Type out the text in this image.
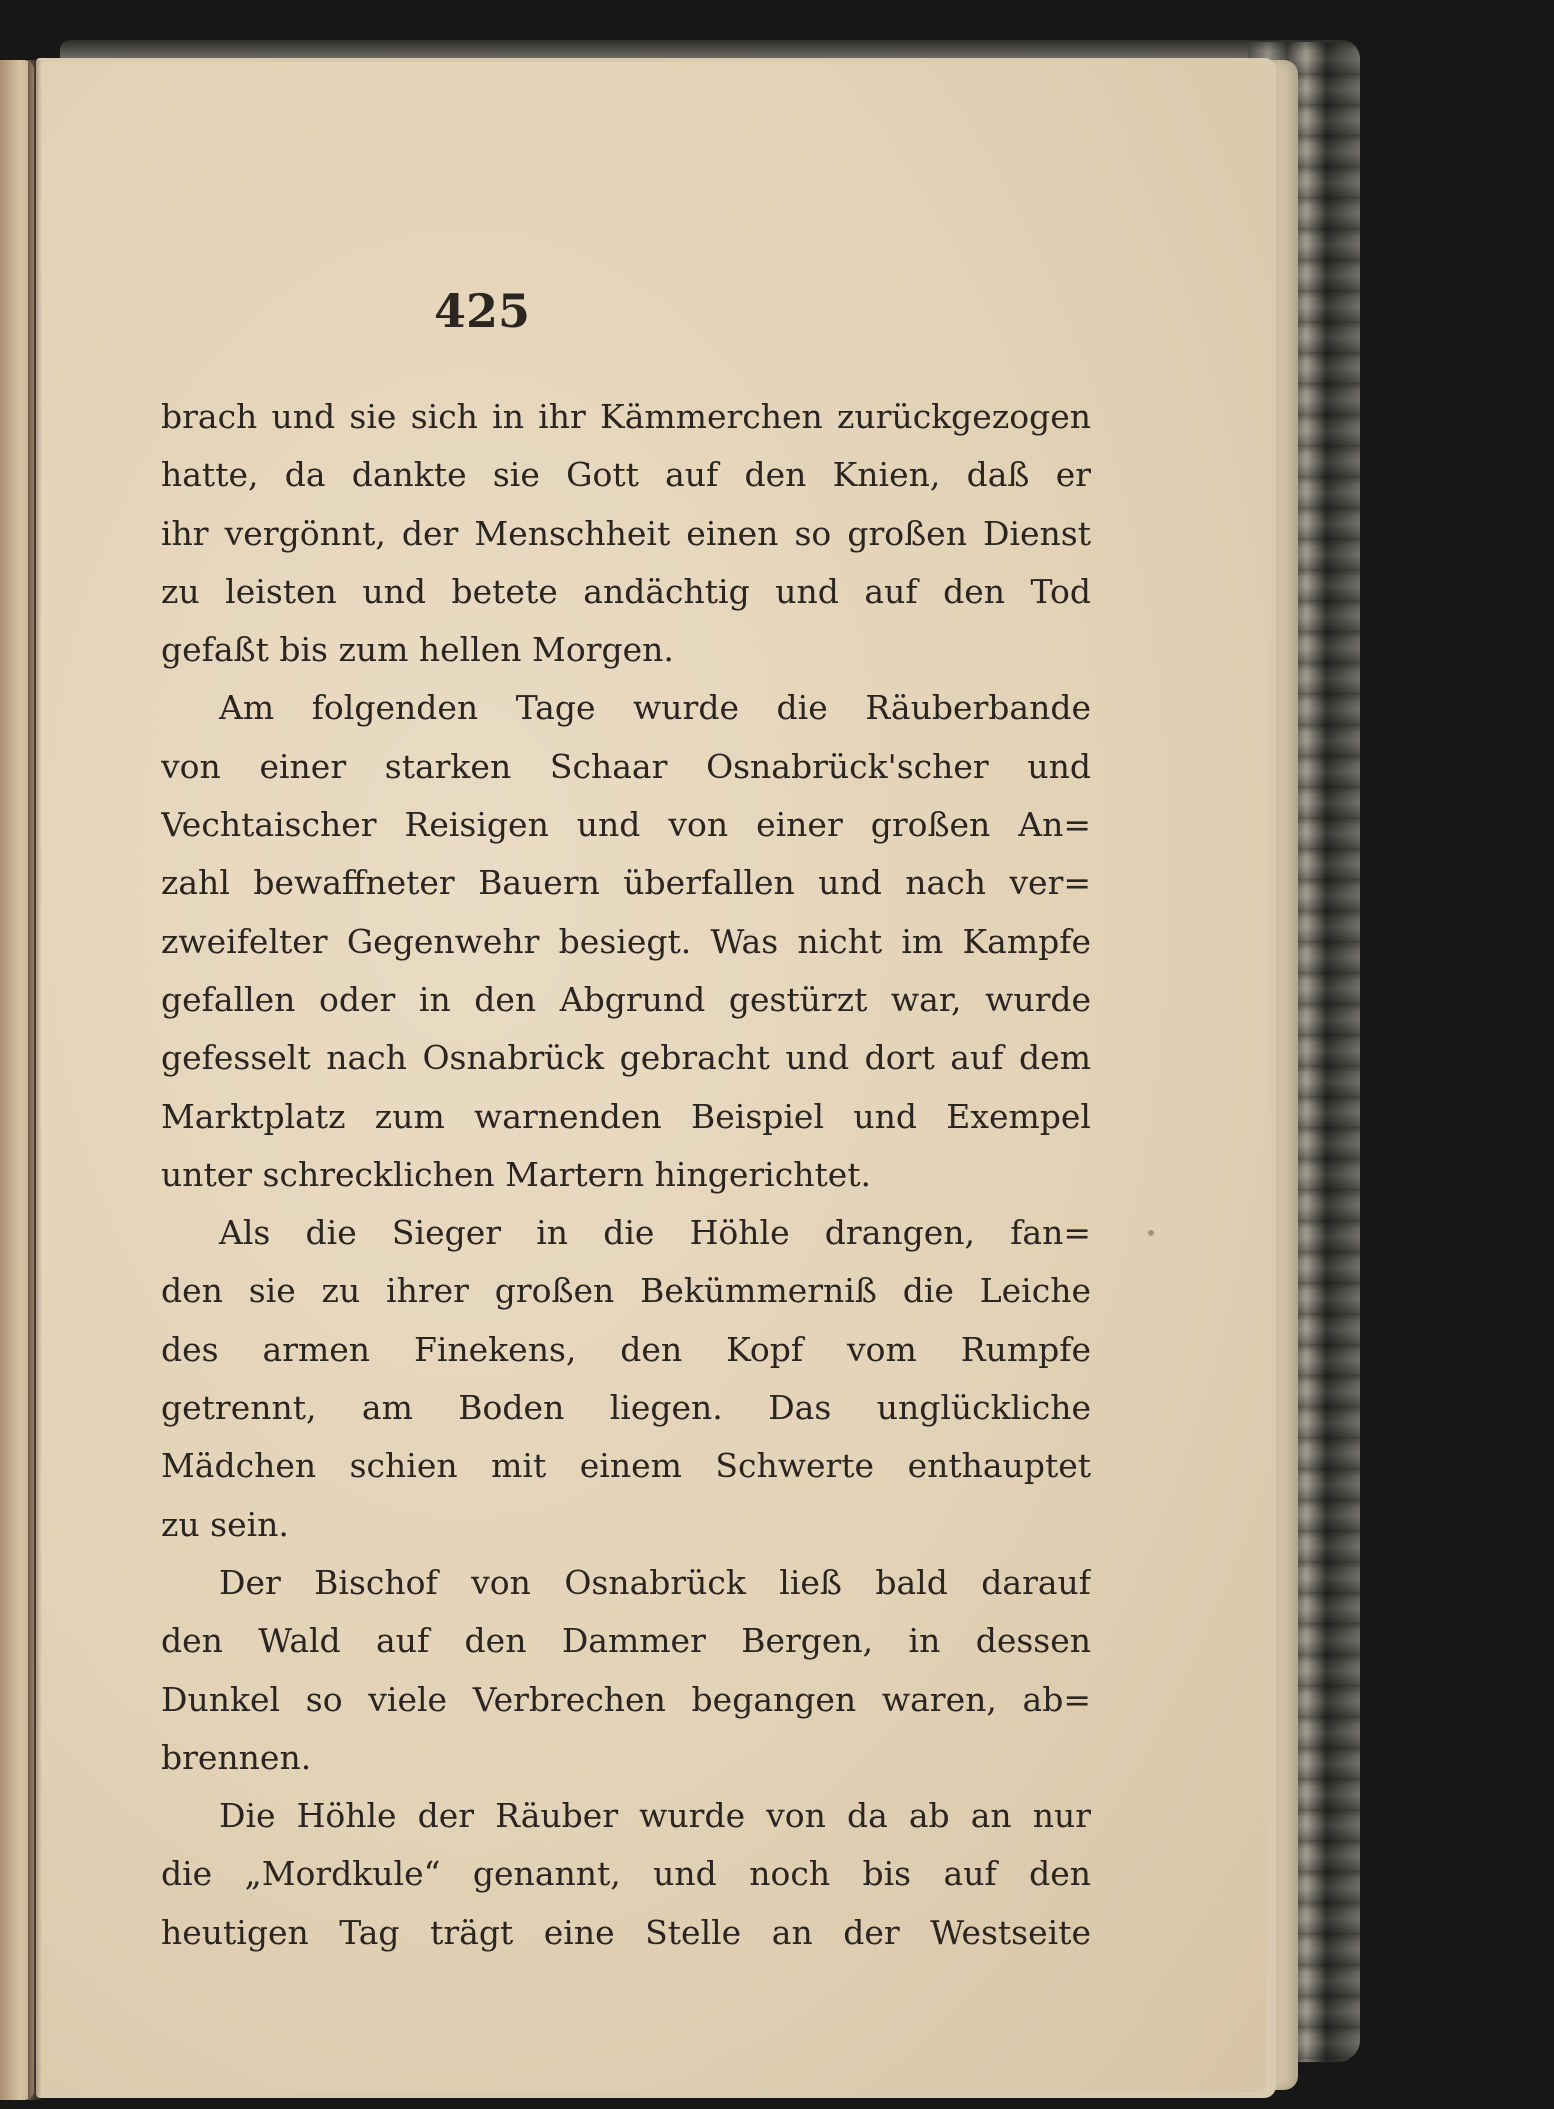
425
brach und sie sich in ihr Kämmerchen zurückgezogen
hatte, da dankte sie Gott auf den Knien, daß er
ihr vergönnt, der Menschheit einen so großen Dienst
zu leisten und betete andächtig und auf den Tod
gefaßt bis zum hellen Morgen.
Am folgenden Tage wurde die Räuberbande
von einer starken Schaar Osnabrück'scher und
Vechtaischer Reisigen und von einer großen An=
zahl bewaffneter Bauern überfallen und nach ver=
zweifelter Gegenwehr besiegt. Was nicht im Kampfe
gefallen oder in den Abgrund gestürzt war, wurde
gefesselt nach Osnabrück gebracht und dort auf dem
Marktplatz zum warnenden Beispiel und Exempel
unter schrecklichen Martern hingerichtet.
Als die Sieger in die Höhle drangen, fan=
den sie zu ihrer großen Bekümmerniß die Leiche
des armen Finekens, den Kopf vom Rumpfe
getrennt, am Boden liegen. Das unglückliche
Mädchen schien mit einem Schwerte enthauptet
zu sein.
Der Bischof von Osnabrück ließ bald darauf
den Wald auf den Dammer Bergen, in dessen
Dunkel so viele Verbrechen begangen waren, ab=
brennen.
Die Höhle der Räuber wurde von da ab an nur
die „Mordkule“ genannt, und noch bis auf den
heutigen Tag trägt eine Stelle an der Westseite
